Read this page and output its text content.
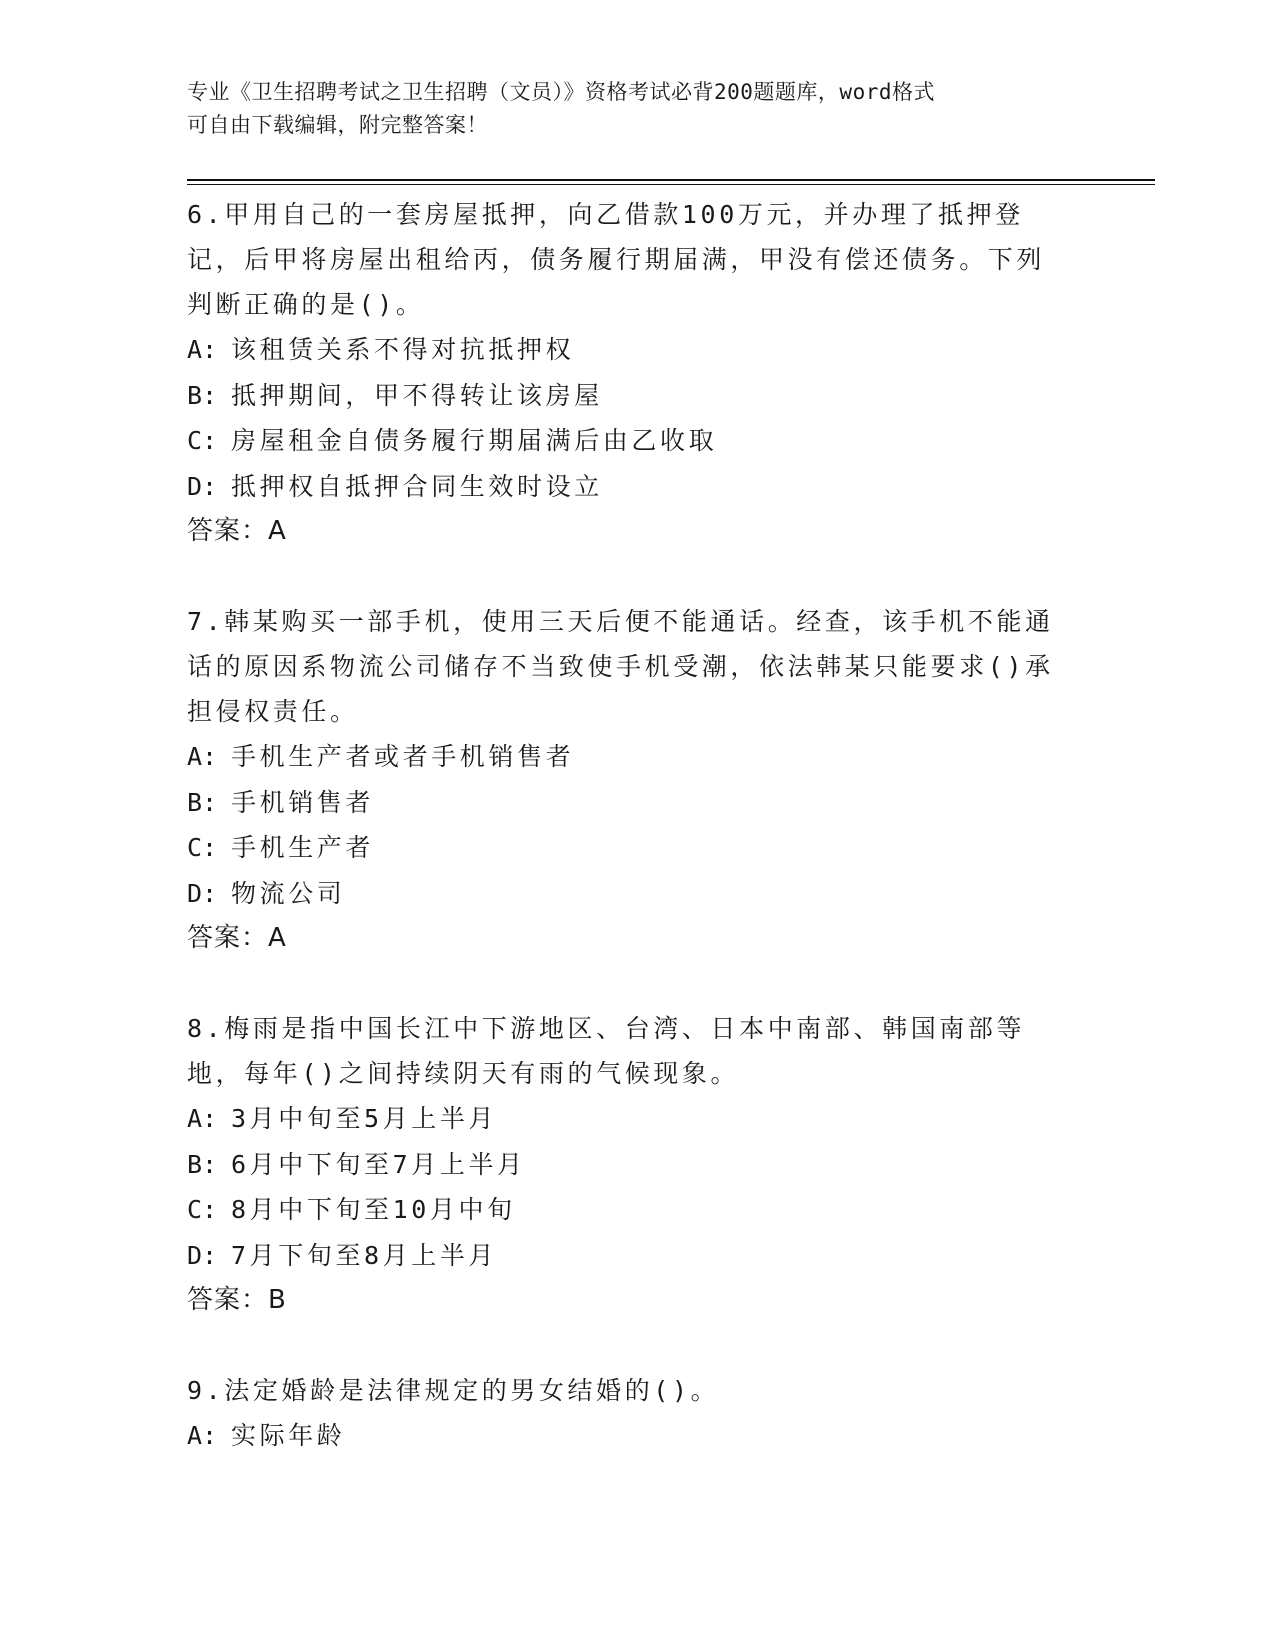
专业《卫生招聘考试之卫生招聘（文员）》资格考试必背200题题库，word格式
可自由下载编辑，附完整答案！
6.甲用自己的一套房屋抵押，向乙借款100万元，并办理了抵押登记，后甲将房屋出租给丙，债务履行期届满，甲没有偿还债务。下列判断正确的是()。
A: 该租赁关系不得对抗抵押权
B: 抵押期间，甲不得转让该房屋
C: 房屋租金自债务履行期届满后由乙收取
D: 抵押权自抵押合同生效时设立
答案：A
7.韩某购买一部手机，使用三天后便不能通话。经查，该手机不能通话的原因系物流公司储存不当致使手机受潮，依法韩某只能要求()承担侵权责任。
A: 手机生产者或者手机销售者
B: 手机销售者
C: 手机生产者
D: 物流公司
答案：A
8.梅雨是指中国长江中下游地区、台湾、日本中南部、韩国南部等地，每年()之间持续阴天有雨的气候现象。
A: 3月中旬至5月上半月
B: 6月中下旬至7月上半月
C: 8月中下旬至10月中旬
D: 7月下旬至8月上半月
答案：B
9.法定婚龄是法律规定的男女结婚的()。
A: 实际年龄
